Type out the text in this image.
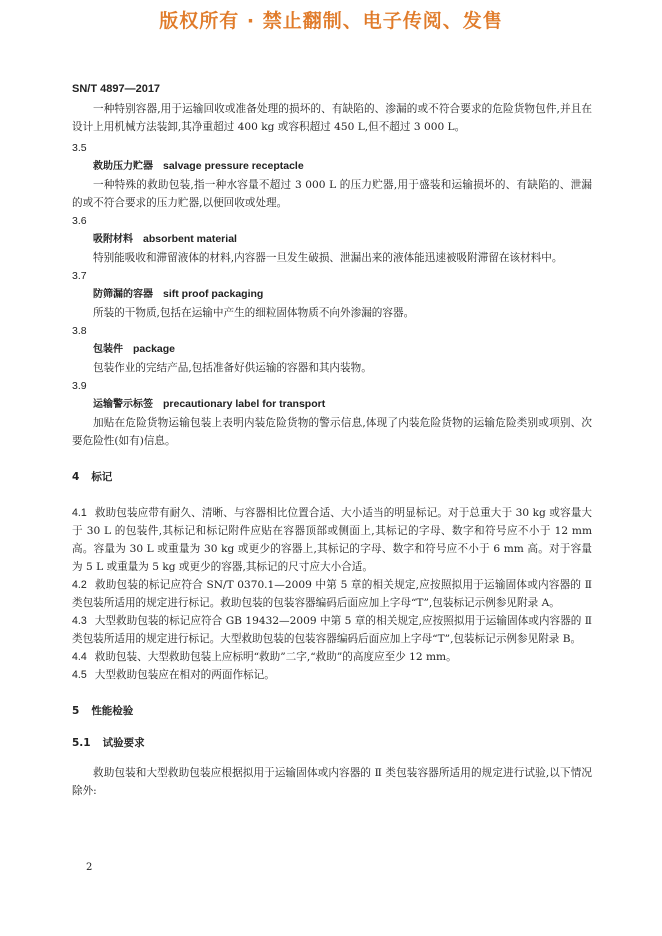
版权所有 · 禁止翻制、电子传阅、发售
SN/T 4897—2017

一种特别容器,用于运输回收或准备处理的损坏的、有缺陷的、渗漏的或不符合要求的危险货物包件,并且在设计上用机械方法装卸,其净重超过 400 kg 或容积超过 450 L,但不超过 3 000 L。

3.5

救助压力贮器 salvage pressure receptacle

一种特殊的救助包装,指一种水容量不超过 3 000 L 的压力贮器,用于盛装和运输损坏的、有缺陷的、泄漏的或不符合要求的压力贮器,以便回收或处理。

3.6

吸附材料 absorbent material

特别能吸收和滞留液体的材料,内容器一旦发生破损、泄漏出来的液体能迅速被吸附滞留在该材料中。

3.7

防筛漏的容器 sift proof packaging

所装的干物质,包括在运输中产生的细粒固体物质不向外渗漏的容器。

3.8

包装件 package

包装作业的完结产品,包括准备好供运输的容器和其内装物。

3.9

运输警示标签 precautionary label for transport

加贴在危险货物运输包装上表明内装危险货物的警示信息,体现了内装危险货物的运输危险类别或项别、次要危险性(如有)信息。

4 标记

4.1 救助包装应带有耐久、清晰、与容器相比位置合适、大小适当的明显标记。对于总重大于 30 kg 或容量大于 30 L 的包装件,其标记和标记附件应贴在容器顶部或侧面上,其标记的字母、数字和符号应不小于 12 mm 高。容量为 30 L 或重量为 30 kg 或更少的容器上,其标记的字母、数字和符号应不小于 6 mm 高。对于容量为 5 L 或重量为 5 kg 或更少的容器,其标记的尺寸应大小合适。

4.2 救助包装的标记应符合 SN/T 0370.1—2009 中第 5 章的相关规定,应按照拟用于运输固体或内容器的 Ⅱ 类包装所适用的规定进行标记。救助包装的包装容器编码后面应加上字母“T”,包装标记示例参见附录 A。

4.3 大型救助包装的标记应符合 GB 19432—2009 中第 5 章的相关规定,应按照拟用于运输固体或内容器的 Ⅱ 类包装所适用的规定进行标记。大型救助包装的包装容器编码后面应加上字母“T”,包装标记示例参见附录 B。

4.4 救助包装、大型救助包装上应标明“救助”二字,“救助”的高度应至少 12 mm。

4.5 大型救助包装应在相对的两面作标记。

5 性能检验

5.1 试验要求

救助包装和大型救助包装应根据拟用于运输固体或内容器的 Ⅱ 类包装容器所适用的规定进行试验,以下情况除外:

2
